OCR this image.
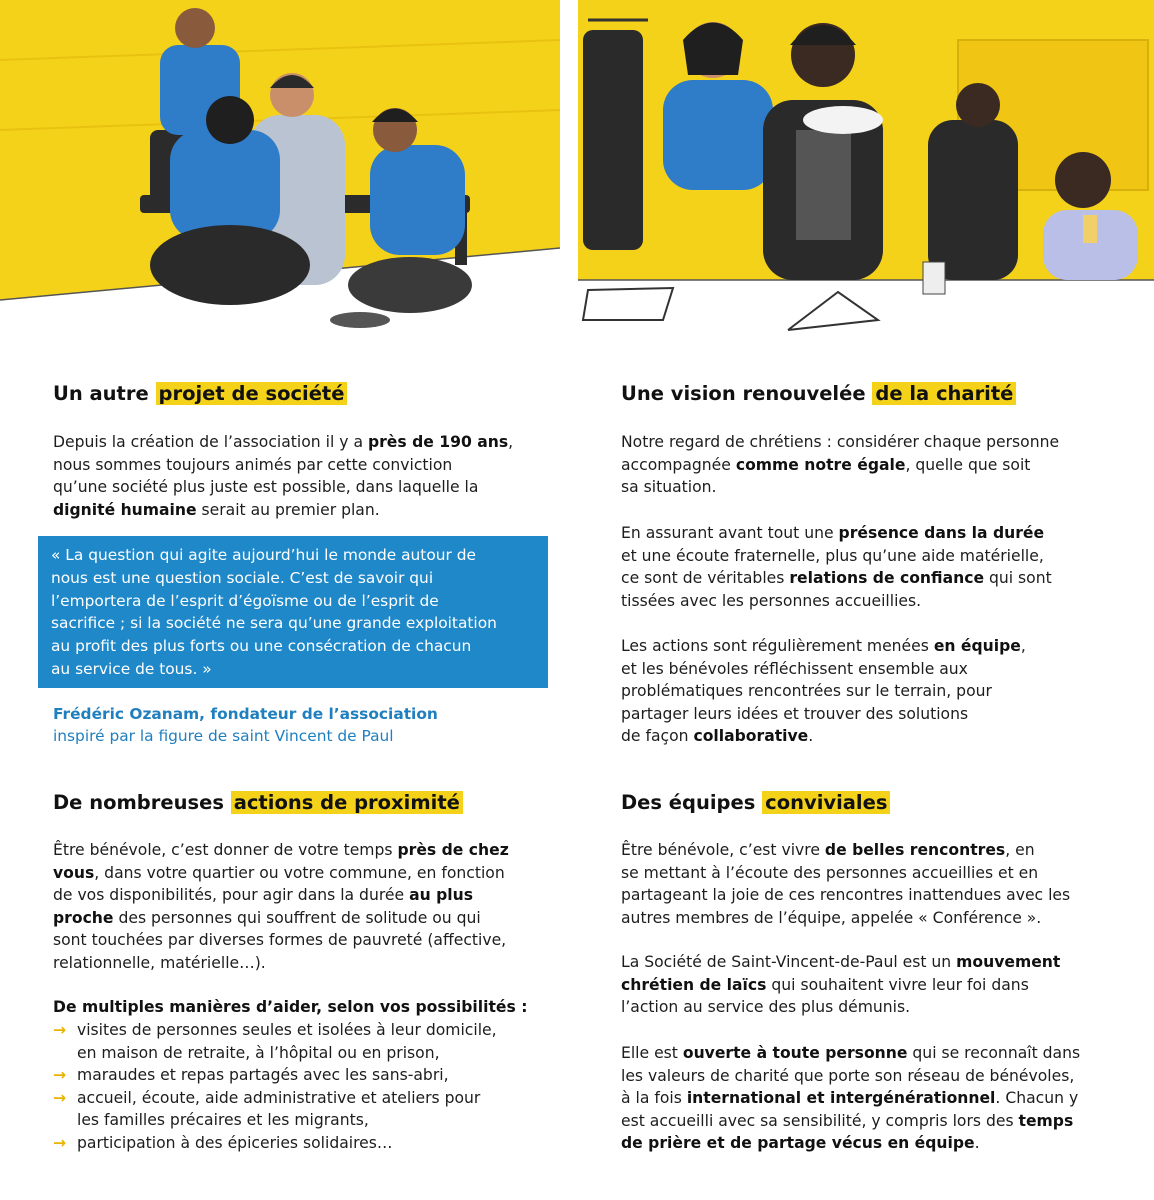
Un autre projet de société
Depuis la création de l’association il y a près de 190 ans,
nous sommes toujours animés par cette conviction
qu’une société plus juste est possible, dans laquelle la
dignité humaine serait au premier plan.
« La question qui agite aujourd’hui le monde autour de
nous est une question sociale. C’est de savoir qui
l’emportera de l’esprit d’égoïsme ou de l’esprit de
sacrifice ; si la société ne sera qu’une grande exploitation
au profit des plus forts ou une consécration de chacun
au service de tous. »
Frédéric Ozanam, fondateur de l’association
inspiré par la figure de saint Vincent de Paul
De nombreuses actions de proximité
Être bénévole, c’est donner de votre temps près de chez
vous, dans votre quartier ou votre commune, en fonction
de vos disponibilités, pour agir dans la durée au plus
proche des personnes qui souffrent de solitude ou qui
sont touchées par diverses formes de pauvreté (affective,
relationnelle, matérielle…).
De multiples manières d’aider, selon vos possibilités :
→ visites de personnes seules et isolées à leur domicile,
en maison de retraite, à l’hôpital ou en prison,
→ maraudes et repas partagés avec les sans-abri,
→ accueil, écoute, aide administrative et ateliers pour
les familles précaires et les migrants,
→ participation à des épiceries solidaires…
Une vision renouvelée de la charité
Notre regard de chrétiens : considérer chaque personne
accompagnée comme notre égale, quelle que soit
sa situation.
En assurant avant tout une présence dans la durée
et une écoute fraternelle, plus qu’une aide matérielle,
ce sont de véritables relations de confiance qui sont
tissées avec les personnes accueillies.
Les actions sont régulièrement menées en équipe,
et les bénévoles réfléchissent ensemble aux
problématiques rencontrées sur le terrain, pour
partager leurs idées et trouver des solutions
de façon collaborative.
Des équipes conviviales
Être bénévole, c’est vivre de belles rencontres, en
se mettant à l’écoute des personnes accueillies et en
partageant la joie de ces rencontres inattendues avec les
autres membres de l’équipe, appelée « Conférence ».
La Société de Saint-Vincent-de-Paul est un mouvement
chrétien de laïcs qui souhaitent vivre leur foi dans
l’action au service des plus démunis.
Elle est ouverte à toute personne qui se reconnaît dans
les valeurs de charité que porte son réseau de bénévoles,
à la fois international et intergénérationnel. Chacun y
est accueilli avec sa sensibilité, y compris lors des temps
de prière et de partage vécus en équipe.
